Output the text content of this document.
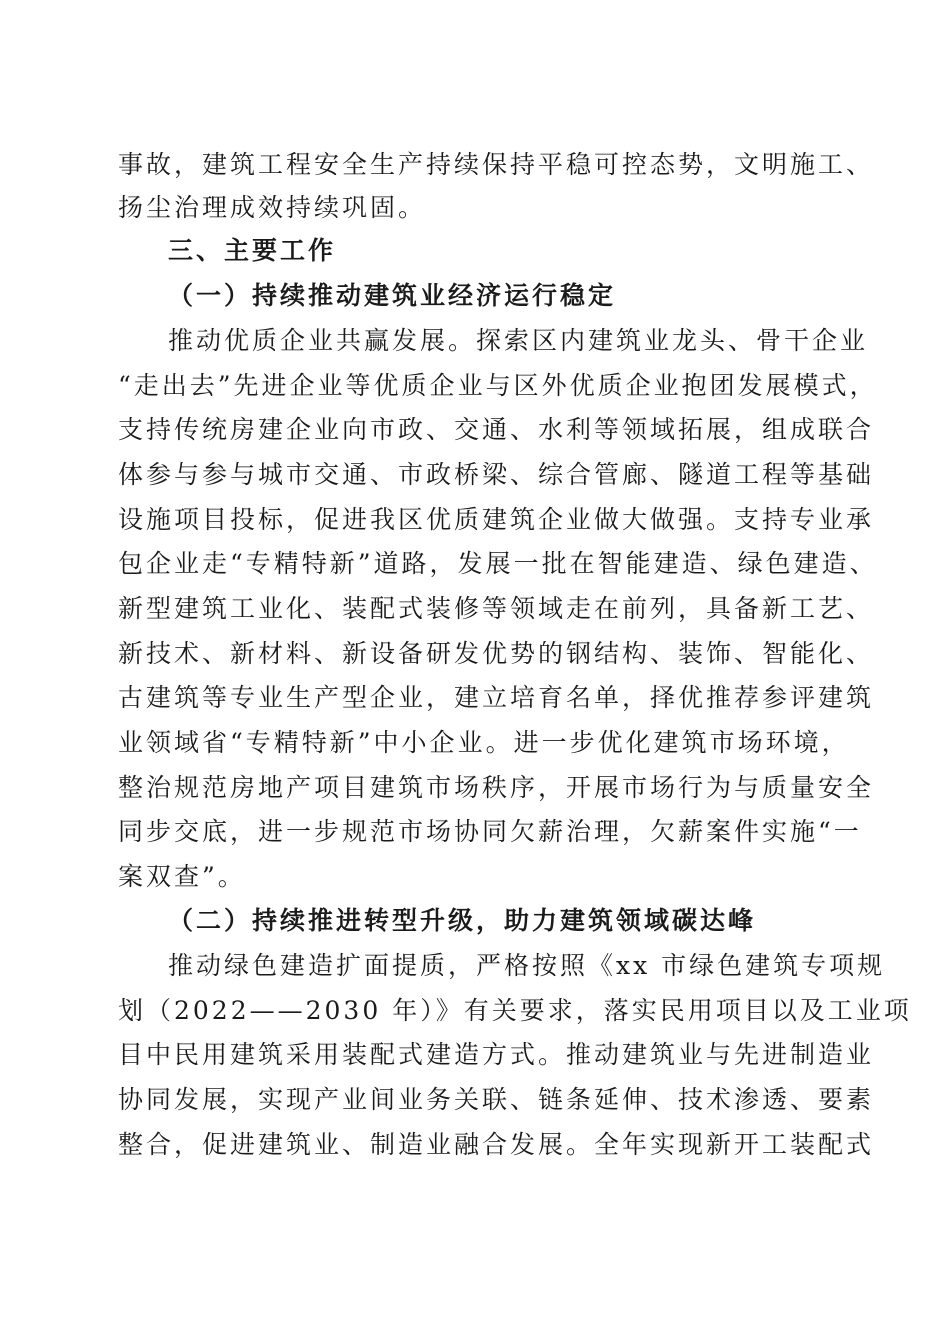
事故，建筑工程安全生产持续保持平稳可控态势，文明施工、
扬尘治理成效持续巩固。
三、主要工作
（一）持续推动建筑业经济运行稳定
推动优质企业共赢发展。探索区内建筑业龙头、骨干企业
“走出去”先进企业等优质企业与区外优质企业抱团发展模式，
支持传统房建企业向市政、交通、水利等领域拓展，组成联合
体参与参与城市交通、市政桥梁、综合管廊、隧道工程等基础
设施项目投标，促进我区优质建筑企业做大做强。支持专业承
包企业走“专精特新”道路，发展一批在智能建造、绿色建造、
新型建筑工业化、装配式装修等领域走在前列，具备新工艺、
新技术、新材料、新设备研发优势的钢结构、装饰、智能化、
古建筑等专业生产型企业，建立培育名单，择优推荐参评建筑
业领域省“专精特新”中小企业。进一步优化建筑市场环境，
整治规范房地产项目建筑市场秩序，开展市场行为与质量安全
同步交底，进一步规范市场协同欠薪治理，欠薪案件实施“一
案双查”。
（二）持续推进转型升级，助力建筑领域碳达峰
推动绿色建造扩面提质，严格按照《xx 市绿色建筑专项规
划（2022——2030 年）》有关要求，落实民用项目以及工业项
目中民用建筑采用装配式建造方式。推动建筑业与先进制造业
协同发展，实现产业间业务关联、链条延伸、技术渗透、要素
整合，促进建筑业、制造业融合发展。全年实现新开工装配式
